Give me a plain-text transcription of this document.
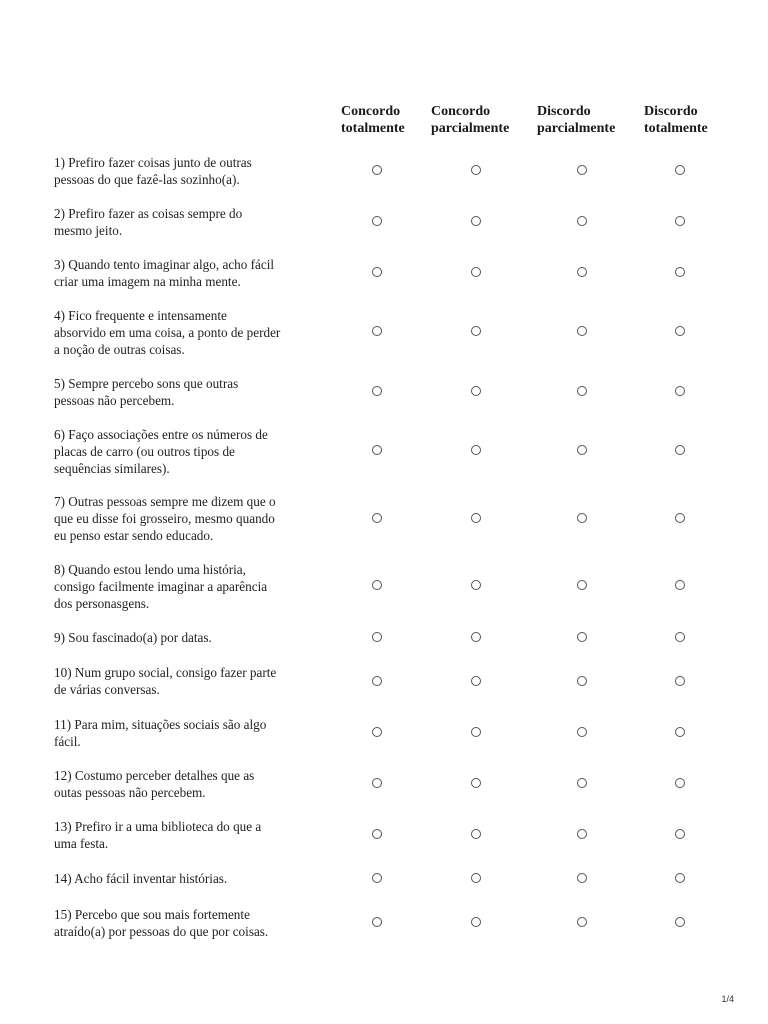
Concordo
totalmente
Concordo
parcialmente
Discordo
parcialmente
Discordo
totalmente
1) Prefiro fazer coisas junto de outras
pessoas do que fazê-las sozinho(a).
2) Prefiro fazer as coisas sempre do
mesmo jeito.
3) Quando tento imaginar algo, acho fácil
criar uma imagem na minha mente.
4) Fico frequente e intensamente
absorvido em uma coisa, a ponto de perder
a noção de outras coisas.
5) Sempre percebo sons que outras
pessoas não percebem.
6) Faço associações entre os números de
placas de carro (ou outros tipos de
sequências similares).
7) Outras pessoas sempre me dizem que o
que eu disse foi grosseiro, mesmo quando
eu penso estar sendo educado.
8) Quando estou lendo uma história,
consigo facilmente imaginar a aparência
dos personasgens.
9) Sou fascinado(a) por datas.
10) Num grupo social, consigo fazer parte
de várias conversas.
11) Para mim, situações sociais são algo
fácil.
12) Costumo perceber detalhes que as
outas pessoas não percebem.
13) Prefiro ir a uma biblioteca do que a
uma festa.
14) Acho fácil inventar histórias.
15) Percebo que sou mais fortemente
atraído(a) por pessoas do que por coisas.
1/4
